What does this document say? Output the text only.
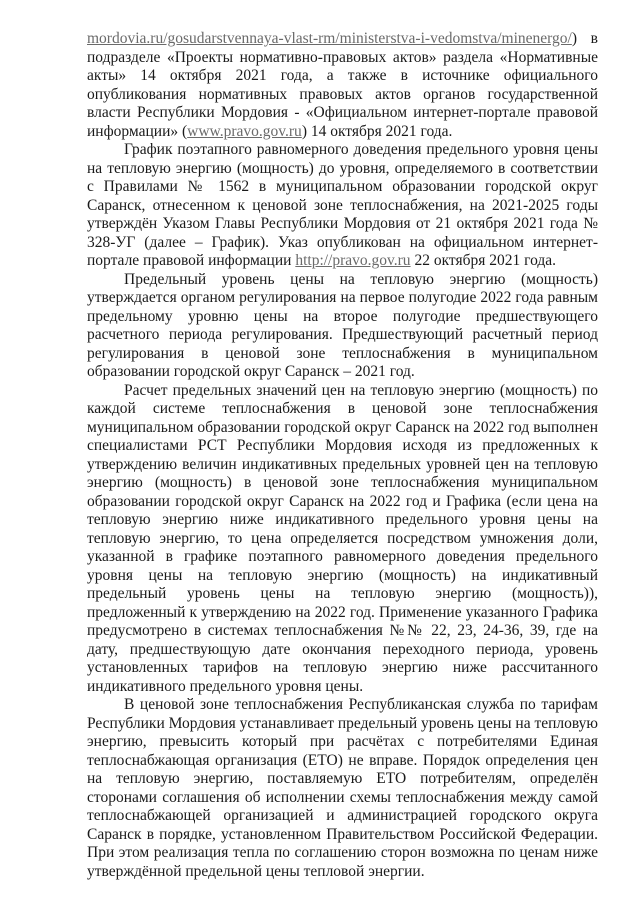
mordovia.ru/gosudarstvennaya-vlast-rm/ministerstva-i-vedomstva/minenergo/) в подразделе «Проекты нормативно-правовых актов» раздела «Нормативные акты» 14 октября 2021 года, а также в источнике официального опубликования нормативных правовых актов органов государственной власти Республики Мордовия - «Официальном интернет-портале правовой информации» (www.pravo.gov.ru) 14 октября 2021 года.

График поэтапного равномерного доведения предельного уровня цены на тепловую энергию (мощность) до уровня, определяемого в соответствии с Правилами № 1562 в муниципальном образовании городской округ Саранск, отнесенном к ценовой зоне теплоснабжения, на 2021-2025 годы утверждён Указом Главы Республики Мордовия от 21 октября 2021 года № 328-УГ (далее – График). Указ опубликован на официальном интернет-портале правовой информации http://pravo.gov.ru 22 октября 2021 года.

Предельный уровень цены на тепловую энергию (мощность) утверждается органом регулирования на первое полугодие 2022 года равным предельному уровню цены на второе полугодие предшествующего расчетного периода регулирования. Предшествующий расчетный период регулирования в ценовой зоне теплоснабжения в муниципальном образовании городской округ Саранск – 2021 год.

Расчет предельных значений цен на тепловую энергию (мощность) по каждой системе теплоснабжения в ценовой зоне теплоснабжения муниципальном образовании городской округ Саранск на 2022 год выполнен специалистами РСТ Республики Мордовия исходя из предложенных к утверждению величин индикативных предельных уровней цен на тепловую энергию (мощность) в ценовой зоне теплоснабжения муниципальном образовании городской округ Саранск на 2022 год и Графика (если цена на тепловую энергию ниже индикативного предельного уровня цены на тепловую энергию, то цена определяется посредством умножения доли, указанной в графике поэтапного равномерного доведения предельного уровня цены на тепловую энергию (мощность) на индикативный предельный уровень цены на тепловую энергию (мощность)), предложенный к утверждению на 2022 год. Применение указанного Графика предусмотрено в системах теплоснабжения №№ 22, 23, 24-36, 39, где на дату, предшествующую дате окончания переходного периода, уровень установленных тарифов на тепловую энергию ниже рассчитанного индикативного предельного уровня цены.

В ценовой зоне теплоснабжения Республиканская служба по тарифам Республики Мордовия устанавливает предельный уровень цены на тепловую энергию, превысить который при расчётах с потребителями Единая теплоснабжающая организация (ЕТО) не вправе. Порядок определения цен на тепловую энергию, поставляемую ЕТО потребителям, определён сторонами соглашения об исполнении схемы теплоснабжения между самой теплоснабжающей организацией и администрацией городского округа Саранск в порядке, установленном Правительством Российской Федерации. При этом реализация тепла по соглашению сторон возможна по ценам ниже утверждённой предельной цены тепловой энергии.
